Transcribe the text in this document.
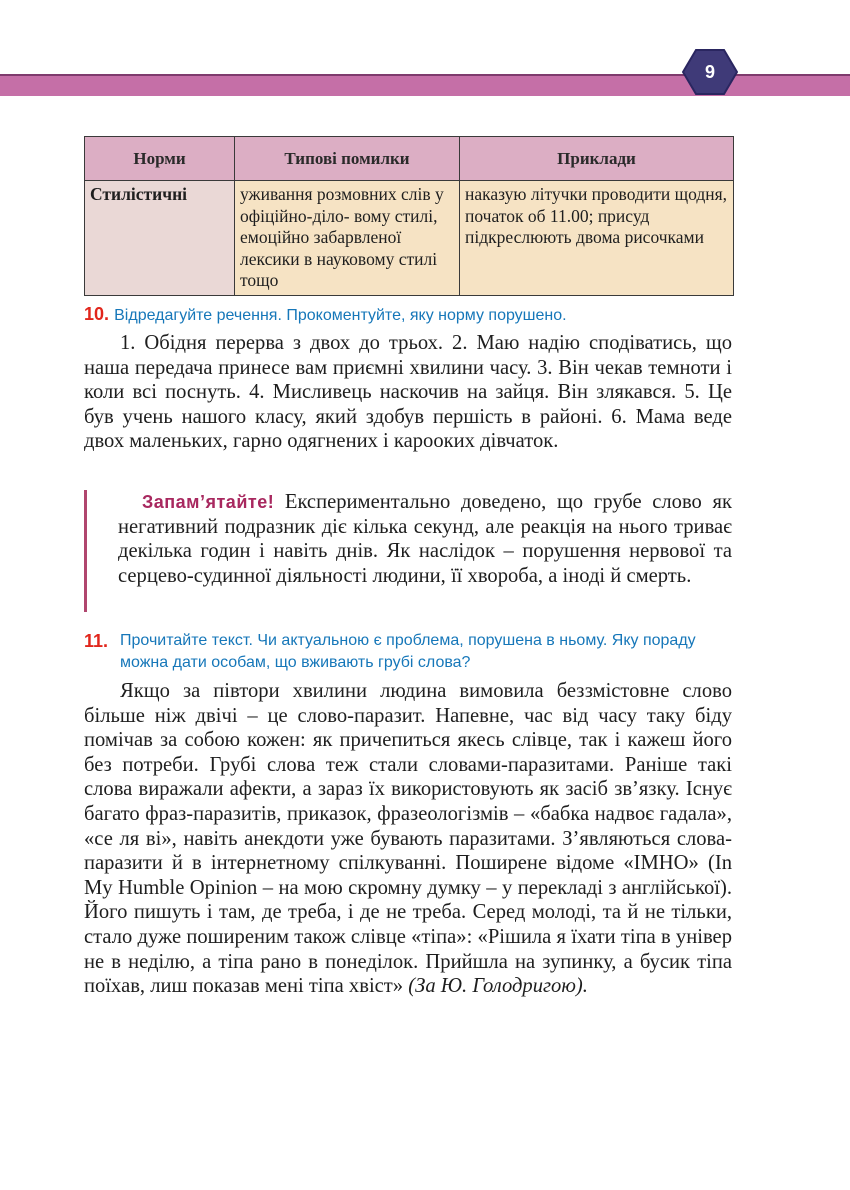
9
Норми	Типові помилки	Приклади
Стилістичні	уживання розмовних слів у офіційно-діло- вому стилі, емоційно забарвленої лексики в науковому стилі тощо	наказую літучки проводити щодня, початок об 11.00; присуд підкреслюють двома рисочками
10. Відредагуйте речення. Прокоментуйте, яку норму порушено.
1. Обідня перерва з двох до трьох. 2. Маю надію сподіватись, що наша передача принесе вам приємні хвилини часу. 3. Він чекав темноти і коли всі поснуть. 4. Мисливець наскочив на зайця. Він злякався. 5. Це був учень нашого класу, який здобув першість в районі. 6. Мама веде двох маленьких, гарно одягнених і карооких дівчаток.
Запам’ятайте! Експериментально доведено, що грубе слово як негативний подразник діє кілька секунд, але реакція на нього триває декілька годин і навіть днів. Як наслідок – порушення нервової та серцево-судинної діяльності людини, її хвороба, а іноді й смерть.
11. Прочитайте текст. Чи актуальною є проблема, порушена в ньому. Яку пораду можна дати особам, що вживають грубі слова?
Якщо за півтори хвилини людина вимовила беззмістовне слово більше ніж двічі – це слово-паразит. Напевне, час від часу таку біду помічав за собою кожен: як причепиться якесь слівце, так і кажеш його без потреби. Грубі слова теж стали словами-паразитами. Раніше такі слова виражали афекти, а зараз їх використовують як засіб зв’язку. Існує багато фраз-паразитів, приказок, фразеологізмів – «бабка надвоє гадала», «се ля ві», навіть анекдоти уже бувають паразитами. З’являються слова-паразити й в інтернетному спілкуванні. Поширене відоме «ІМНО» (In My Humble Opinion – на мою скромну думку – у перекладі з англійської). Його пишуть і там, де треба, і де не треба. Серед молоді, та й не тільки, стало дуже поширеним також слівце «тіпа»: «Рішила я їхати тіпа в універ не в неділю, а тіпа рано в понеділок. Прийшла на зупинку, а бусик тіпа поїхав, лиш показав мені тіпа хвіст» (За Ю. Голодригою).
